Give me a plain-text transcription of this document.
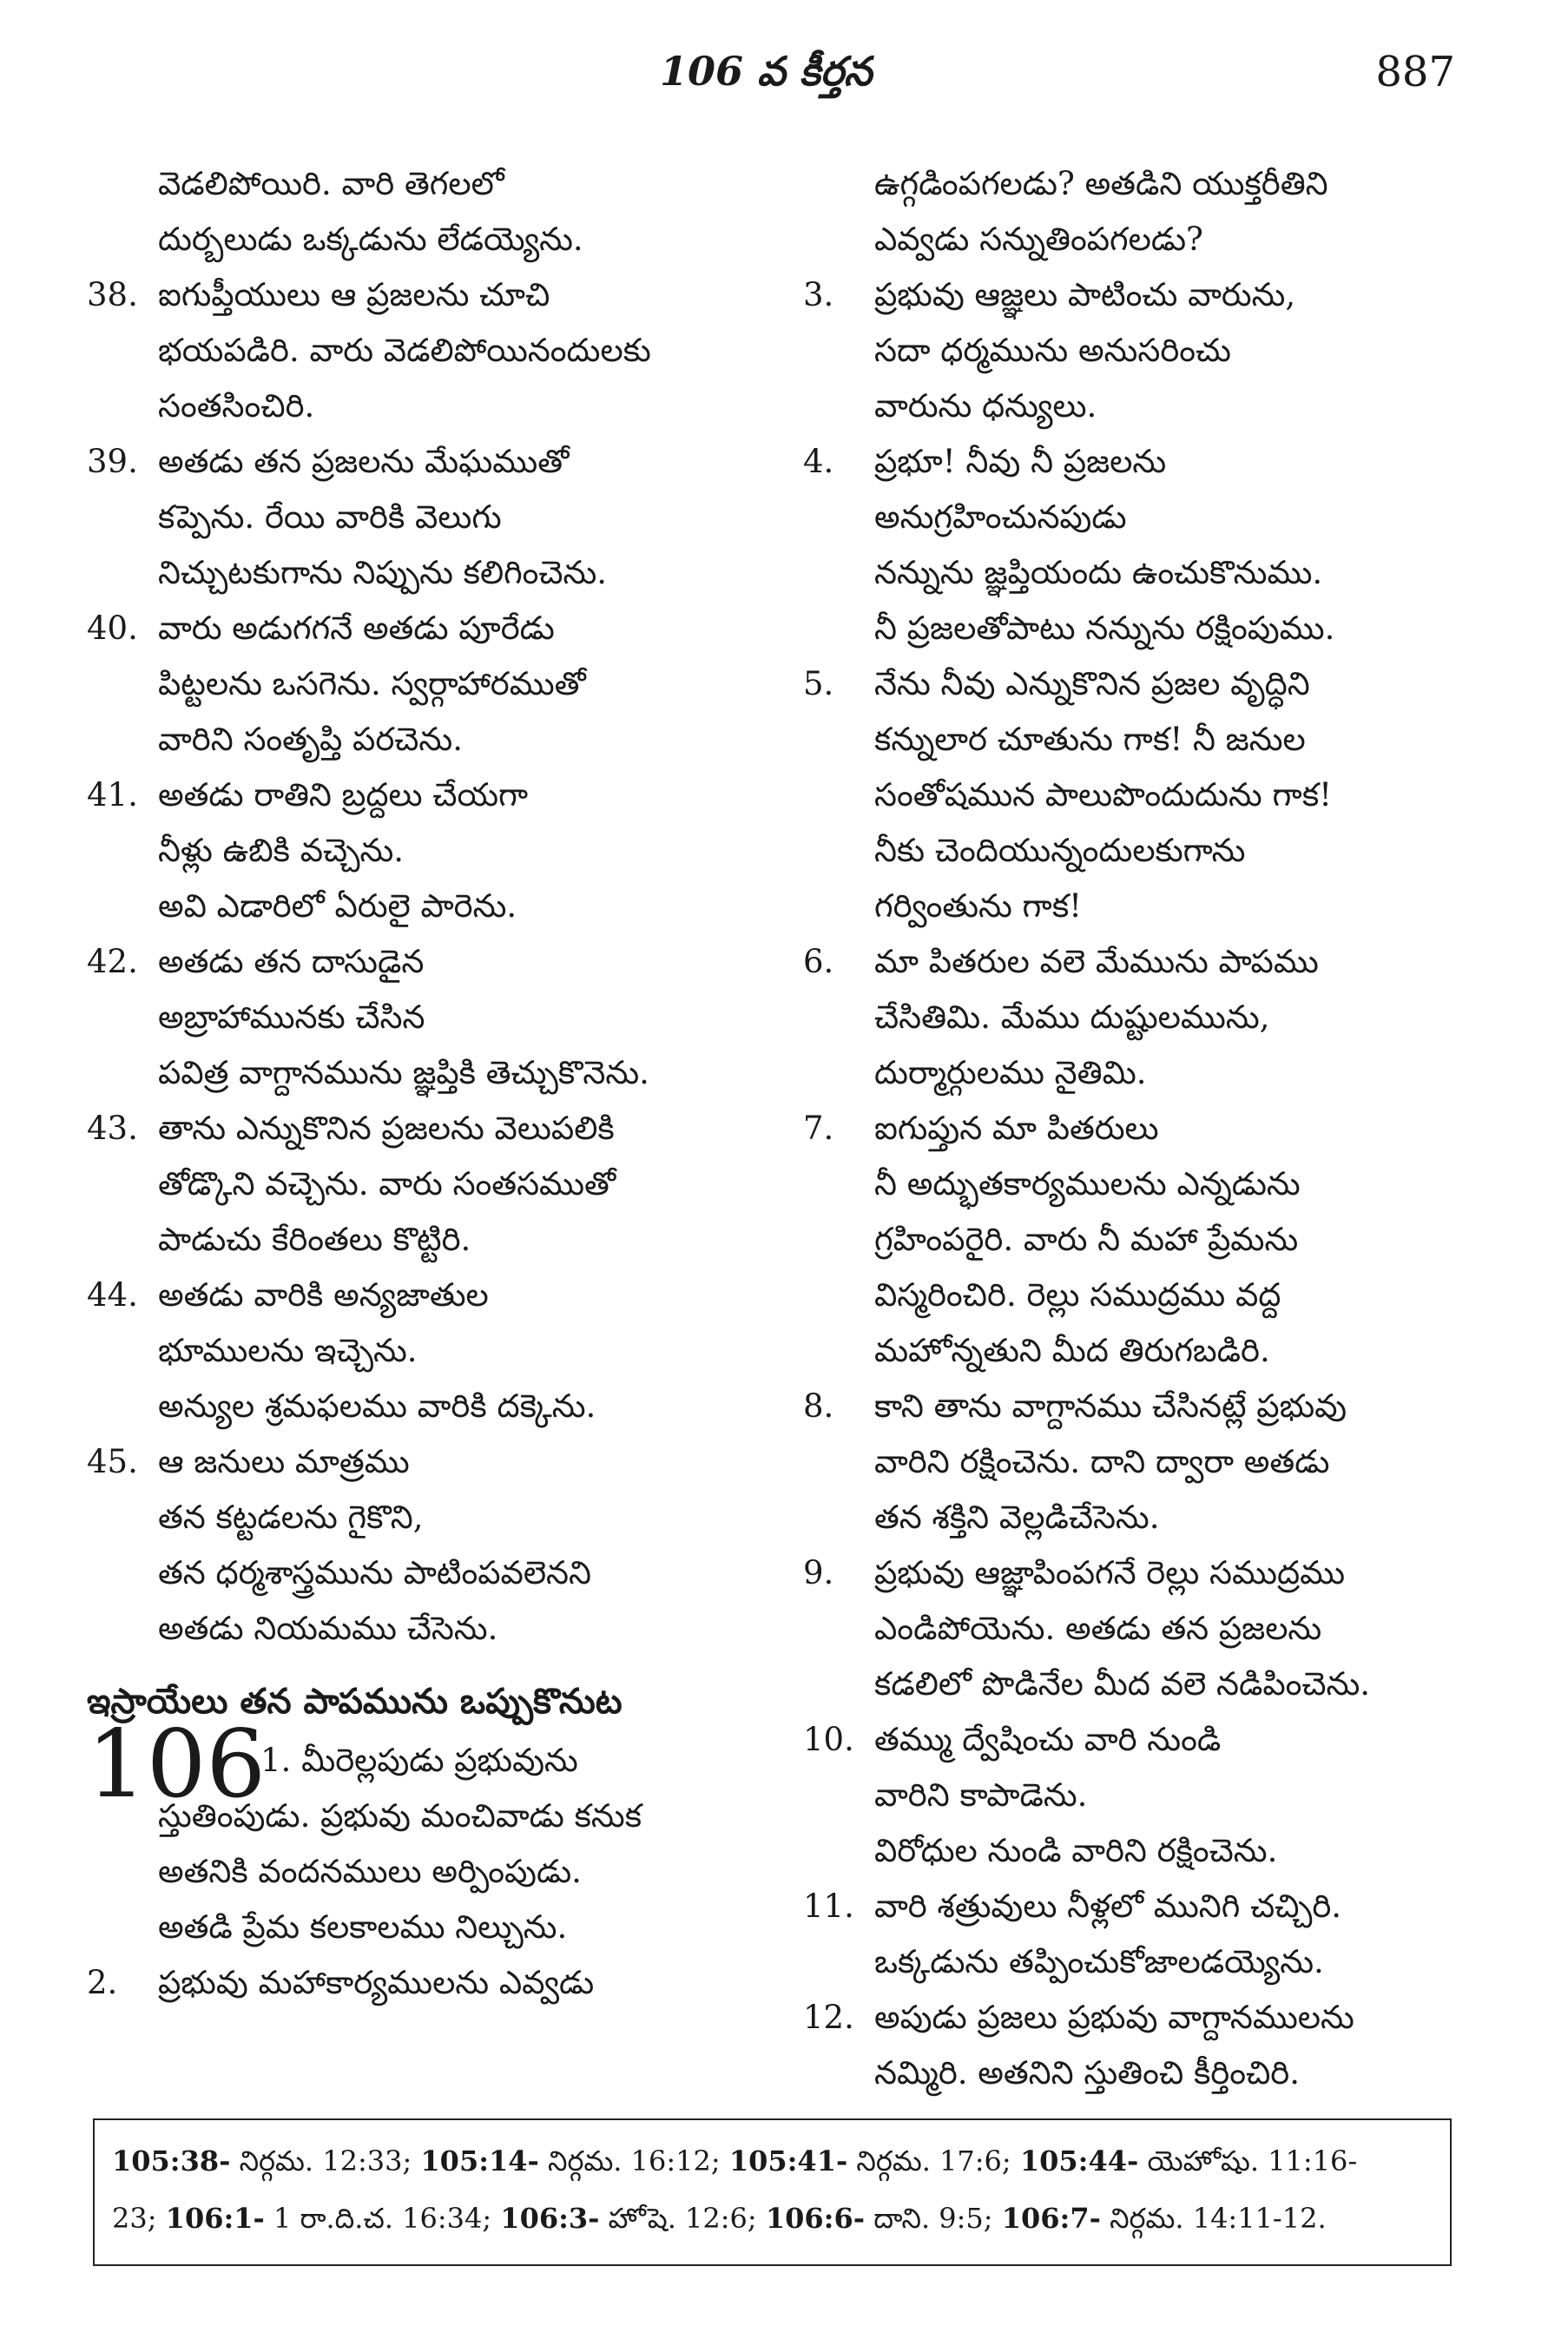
106 వ కీర్తన	887
వెడలిపోయిరి. వారి తెగలలో
దుర్బలుడు ఒక్కడును లేడయ్యెను.
38. ఐగుప్తీయులు ఆ ప్రజలను చూచి
భయపడిరి. వారు వెడలిపోయినందులకు
సంతసించిరి.
39. అతడు తన ప్రజలను మేఘముతో
కప్పెను. రేయి వారికి వెలుగు
నిచ్చుటకుగాను నిప్పును కలిగించెను.
40. వారు అడుగగనే అతడు పూరేడు
పిట్టలను ఒసగెను. స్వర్గాహారముతో
వారిని సంతృప్తి పరచెను.
41. అతడు రాతిని బ్రద్దలు చేయగా
నీళ్లు ఉబికి వచ్చెను.
అవి ఎడారిలో ఏరులై పారెను.
42. అతడు తన దాసుడైన
అబ్రాహామునకు చేసిన
పవిత్ర వాగ్దానమును జ్ఞప్తికి తెచ్చుకొనెను.
43. తాను ఎన్నుకొనిన ప్రజలను వెలుపలికి
తోడ్కొని వచ్చెను. వారు సంతసముతో
పాడుచు కేరింతలు కొట్టిరి.
44. అతడు వారికి అన్యజాతుల
భూములను ఇచ్చెను.
అన్యుల శ్రమఫలము వారికి దక్కెను.
45. ఆ జనులు మాత్రము
తన కట్టడలను గైకొని,
తన ధర్మశాస్త్రమును పాటింపవలెనని
అతడు నియమము చేసెను.
ఇస్రాయేలు తన పాపమును ఒప్పుకొనుట
106
1. మీరెల్లపుడు ప్రభువును
స్తుతింపుడు. ప్రభువు మంచివాడు కనుక
అతనికి వందనములు అర్పింపుడు.
అతడి ప్రేమ కలకాలము నిల్చును.
2.	ప్రభువు మహాకార్యములను ఎవ్వడు
ఉగ్గడింపగలడు? అతడిని యుక్తరీతిని
ఎవ్వడు సన్నుతింపగలడు?
3.	ప్రభువు ఆజ్ఞలు పాటించు వారును,
సదా ధర్మమును అనుసరించు
వారును ధన్యులు.
4.	ప్రభూ! నీవు నీ ప్రజలను
అనుగ్రహించునపుడు
నన్నును జ్ఞప్తియందు ఉంచుకొనుము.
నీ ప్రజలతోపాటు నన్నును రక్షింపుము.
5.	నేను నీవు ఎన్నుకొనిన ప్రజల వృద్ధిని
కన్నులార చూతును గాక! నీ జనుల
సంతోషమున పాలుపొందుదును గాక!
నీకు చెందియున్నందులకుగాను
గర్వింతును గాక!
6.	మా పితరుల వలె మేమును పాపము
చేసితిమి. మేము దుష్టులమును,
దుర్మార్గులము నైతిమి.
7.	ఐగుప్తున మా పితరులు
నీ అద్భుతకార్యములను ఎన్నడును
గ్రహింపరైరి. వారు నీ మహా ప్రేమను
విస్మరించిరి. రెల్లు సముద్రము వద్ద
మహోన్నతుని మీద తిరుగబడిరి.
8.	కాని తాను వాగ్దానము చేసినట్లే ప్రభువు
వారిని రక్షించెను. దాని ద్వారా అతడు
తన శక్తిని వెల్లడిచేసెను.
9.	ప్రభువు ఆజ్ఞాపింపగనే రెల్లు సముద్రము
ఎండిపోయెను. అతడు తన ప్రజలను
కడలిలో పొడినేల మీద వలె నడిపించెను.
10. తమ్ము ద్వేషించు వారి నుండి
వారిని కాపాడెను.
విరోధుల నుండి వారిని రక్షించెను.
11. వారి శత్రువులు నీళ్లలో మునిగి చచ్చిరి.
ఒక్కడును తప్పించుకోజాలడయ్యెను.
12. అపుడు ప్రజలు ప్రభువు వాగ్దానములను
నమ్మిరి. అతనిని స్తుతించి కీర్తించిరి.
105:38- నిర్గమ. 12:33; 105:14- నిర్గమ. 16:12; 105:41- నిర్గమ. 17:6; 105:44- యెహోషు. 11:16-
23; 106:1- 1 రా.ది.చ. 16:34; 106:3- హోషె. 12:6; 106:6- దాని. 9:5; 106:7- నిర్గమ. 14:11-12.
